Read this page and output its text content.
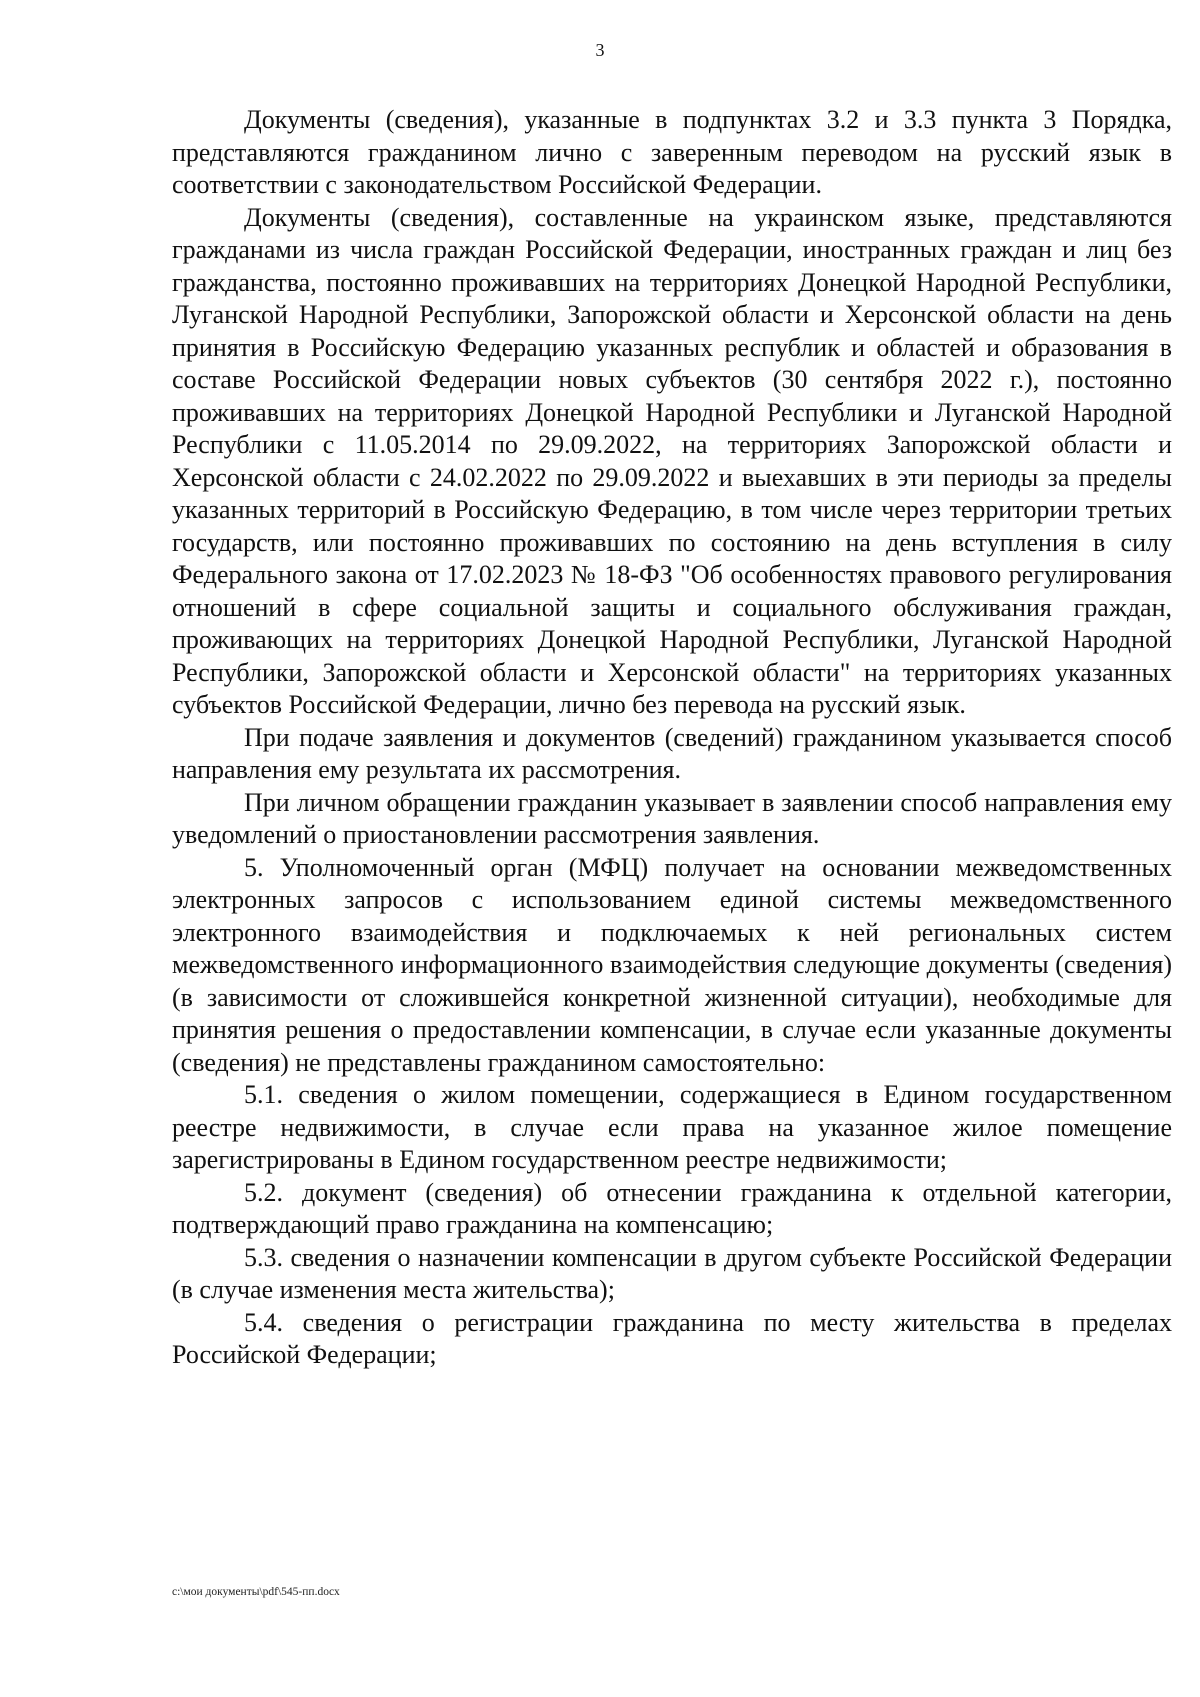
3

Документы (сведения), указанные в подпунктах 3.2 и 3.3 пункта 3 Порядка, представляются гражданином лично с заверенным переводом на русский язык в соответствии с законодательством Российской Федерации.

Документы (сведения), составленные на украинском языке, представляются гражданами из числа граждан Российской Федерации, иностранных граждан и лиц без гражданства, постоянно проживавших на территориях Донецкой Народной Республики, Луганской Народной Республики, Запорожской области и Херсонской области на день принятия в Российскую Федерацию указанных республик и областей и образования в составе Российской Федерации новых субъектов (30 сентября 2022 г.), постоянно проживавших на территориях Донецкой Народной Республики и Луганской Народной Республики с 11.05.2014 по 29.09.2022, на территориях Запорожской области и Херсонской области с 24.02.2022 по 29.09.2022 и выехавших в эти периоды за пределы указанных территорий в Российскую Федерацию, в том числе через территории третьих государств, или постоянно проживавших по состоянию на день вступления в силу Федерального закона от 17.02.2023 № 18-ФЗ "Об особенностях правового регулирования отношений в сфере социальной защиты и социального обслуживания граждан, проживающих на территориях Донецкой Народной Республики, Луганской Народной Республики, Запорожской области и Херсонской области" на территориях указанных субъектов Российской Федерации, лично без перевода на русский язык.

При подаче заявления и документов (сведений) гражданином указывается способ направления ему результата их рассмотрения.

При личном обращении гражданин указывает в заявлении способ направления ему уведомлений о приостановлении рассмотрения заявления.

5. Уполномоченный орган (МФЦ) получает на основании межведомственных электронных запросов с использованием единой системы межведомственного электронного взаимодействия и подключаемых к ней региональных систем межведомственного информационного взаимодействия следующие документы (сведения) (в зависимости от сложившейся конкретной жизненной ситуации), необходимые для принятия решения о предоставлении компенсации, в случае если указанные документы (сведения) не представлены гражданином самостоятельно:

5.1. сведения о жилом помещении, содержащиеся в Едином государственном реестре недвижимости, в случае если права на указанное жилое помещение зарегистрированы в Едином государственном реестре недвижимости;

5.2. документ (сведения) об отнесении гражданина к отдельной категории, подтверждающий право гражданина на компенсацию;

5.3. сведения о назначении компенсации в другом субъекте Российской Федерации (в случае изменения места жительства);

5.4. сведения о регистрации гражданина по месту жительства в пределах Российской Федерации;

c:\мои документы\pdf\545-пп.docx
